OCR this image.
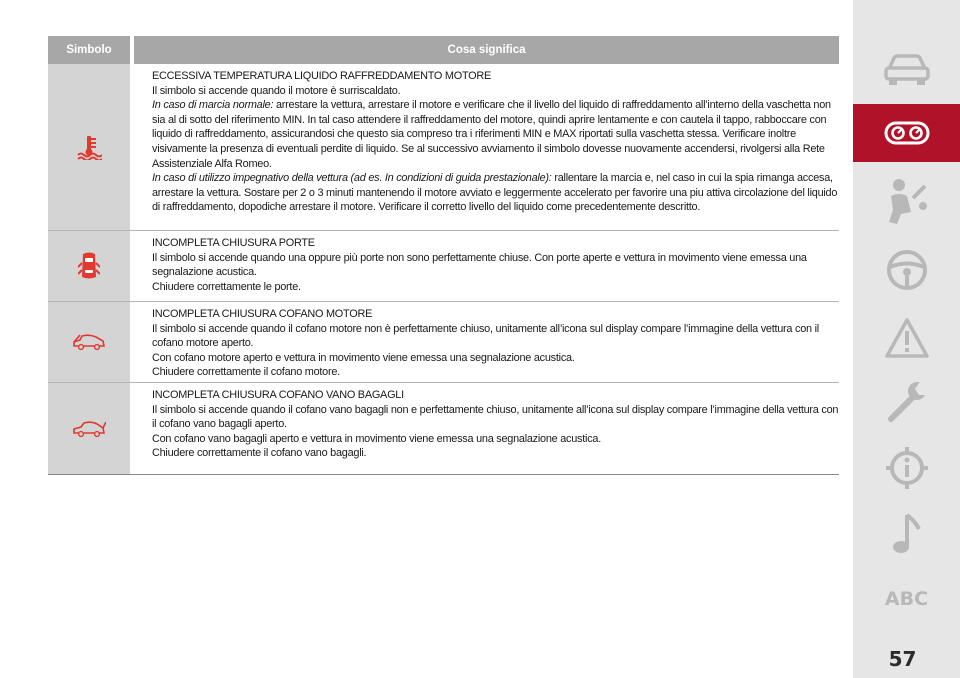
Simbolo	Cosa significa

ECCESSIVA TEMPERATURA LIQUIDO RAFFREDDAMENTO MOTORE

Il simbolo si accende quando il motore è surriscaldato.

In caso di marcia normale: arrestare la vettura, arrestare il motore e verificare che il livello del liquido di raffreddamento all’interno della vaschetta non sia al di sotto del riferimento MIN. In tal caso attendere il raffreddamento del motore, quindi aprire lentamente e con cautela il tappo, rabboccare con liquido di raffreddamento, assicurandosi che questo sia compreso tra i riferimenti MIN e MAX riportati sulla vaschetta stessa. Verificare inoltre visivamente la presenza di eventuali perdite di liquido. Se al successivo avviamento il simbolo dovesse nuovamente accendersi, rivolgersi alla Rete Assistenziale Alfa Romeo.

In caso di utilizzo impegnativo della vettura (ad es. In condizioni di guida prestazionale): rallentare la marcia e, nel caso in cui la spia rimanga accesa, arrestare la vettura. Sostare per 2 o 3 minuti mantenendo il motore avviato e leggermente accelerato per favorire una piu attiva circolazione del liquido di raffreddamento, dopodiche arrestare il motore. Verificare il corretto livello del liquido come precedentemente descritto.

INCOMPLETA CHIUSURA PORTE

Il simbolo si accende quando una oppure più porte non sono perfettamente chiuse. Con porte aperte e vettura in movimento viene emessa una segnalazione acustica.

Chiudere correttamente le porte.

INCOMPLETA CHIUSURA COFANO MOTORE

Il simbolo si accende quando il cofano motore non è perfettamente chiuso, unitamente all’icona sul display compare l’immagine della vettura con il cofano motore aperto.

Con cofano motore aperto e vettura in movimento viene emessa una segnalazione acustica.

Chiudere correttamente il cofano motore.

INCOMPLETA CHIUSURA COFANO VANO BAGAGLI

Il simbolo si accende quando il cofano vano bagagli non e perfettamente chiuso, unitamente all’icona sul display compare l’immagine della vettura con il cofano vano bagagli aperto.

Con cofano vano bagagli aperto e vettura in movimento viene emessa una segnalazione acustica.

Chiudere correttamente il cofano vano bagagli.

ABC
57
